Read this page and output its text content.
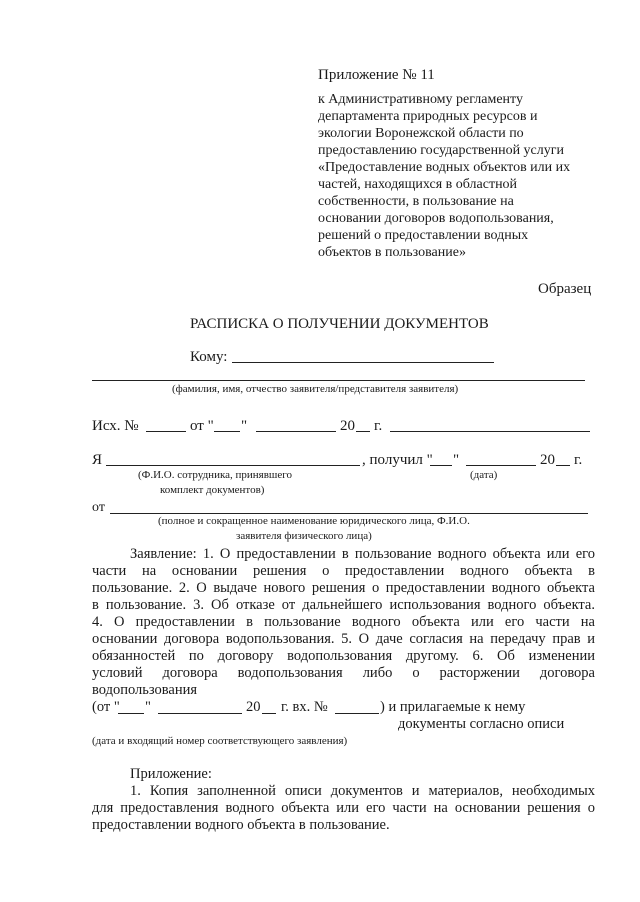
Приложение № 11
к Административному регламенту
департамента природных ресурсов и
экологии Воронежской области по
предоставлению государственной услуги
«Предоставление водных объектов или их
частей, находящихся в областной
собственности, в пользование на
основании договоров водопользования,
решений о предоставлении водных
объектов в пользование»
Образец
РАСПИСКА О ПОЛУЧЕНИИ ДОКУМЕНТОВ
Кому:
(фамилия, имя, отчество заявителя/представителя заявителя)
Исх. №	от " "	20 г.
Я	, получил " "	20 г.
(Ф.И.О. сотрудника, принявшего
комплект документов)
(дата)
от
(полное и сокращенное наименование юридического лица, Ф.И.О.
заявителя физического лица)
Заявление: 1. О предоставлении в пользование водного объекта или его
части на основании решения о предоставлении водного объекта в
пользование. 2. О выдаче нового решения о предоставлении водного объекта
в пользование. 3. Об отказе от дальнейшего использования водного объекта.
4. О предоставлении в пользование водного объекта или его части на
основании договора водопользования. 5. О даче согласия на передачу прав и
обязанностей по договору водопользования другому. 6. Об изменении
условий договора водопользования либо о расторжении договора
водопользования
(от " "	20 г. вх. №	) и прилагаемые к нему
документы согласно описи
(дата и входящий номер соответствующего заявления)
Приложение:
1. Копия заполненной описи документов и материалов, необходимых
для предоставления водного объекта или его части на основании решения о
предоставлении водного объекта в пользование.
